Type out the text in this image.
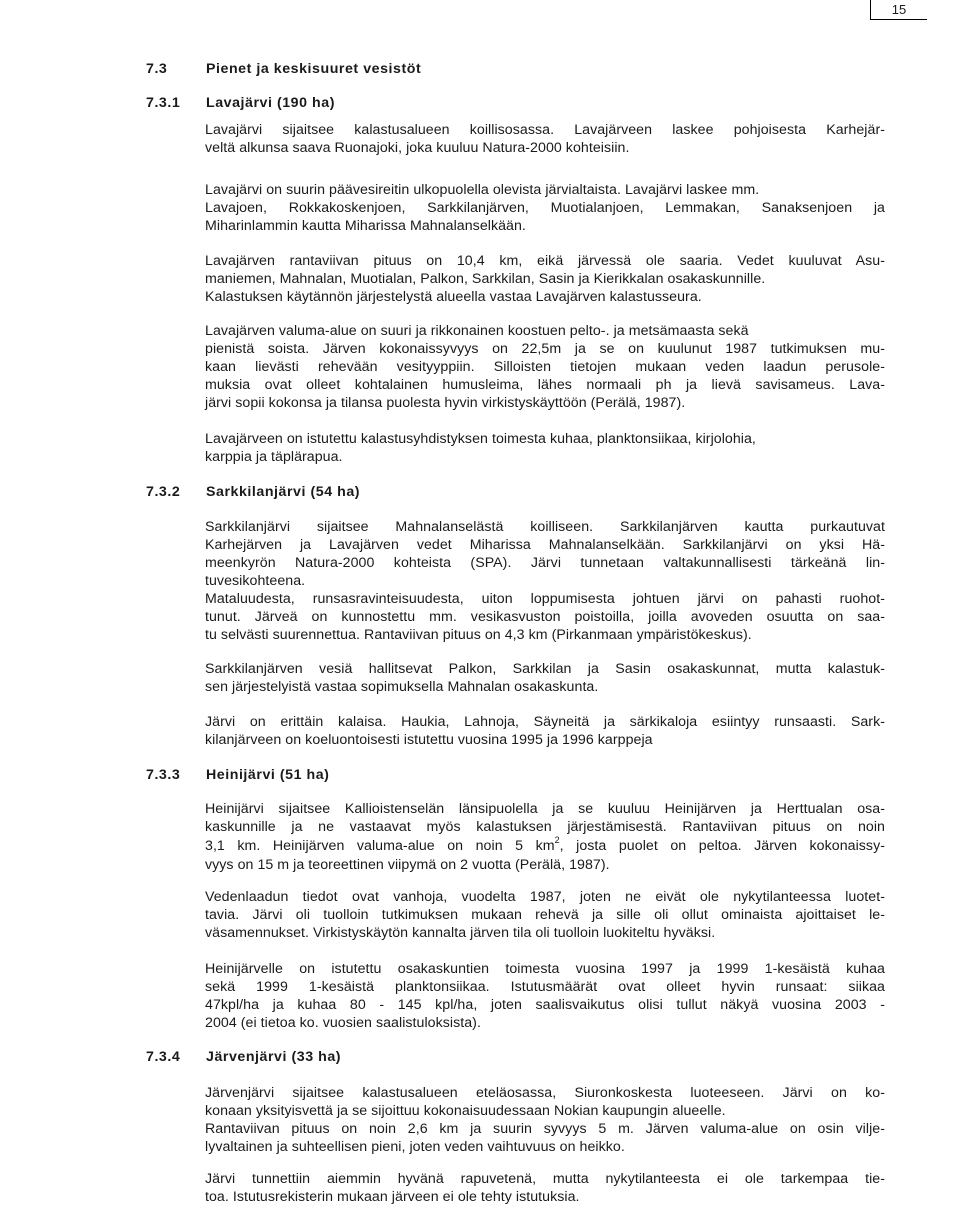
15
7.3	Pienet ja keskisuuret vesistöt
7.3.1 Lavajärvi (190 ha)
Lavajärvi sijaitsee kalastusalueen koillisosassa. Lavajärveen laskee pohjoisesta Karhejär-
veltä alkunsa saava Ruonajoki, joka kuuluu Natura-2000 kohteisiin.
Lavajärvi on suurin päävesireitin ulkopuolella olevista järvialtaista. Lavajärvi laskee mm.
Lavajoen, Rokkakoskenjoen, Sarkkilanjärven, Muotialanjoen, Lemmakan, Sanaksenjoen ja
Miharinlammin kautta Miharissa Mahnalanselkään.
Lavajärven rantaviivan pituus on 10,4 km, eikä järvessä ole saaria. Vedet kuuluvat Asu-
maniemen, Mahnalan, Muotialan, Palkon, Sarkkilan, Sasin ja Kierikkalan osakaskunnille.
Kalastuksen käytännön järjestelystä alueella vastaa Lavajärven kalastusseura.
Lavajärven valuma-alue on suuri ja rikkonainen koostuen pelto-. ja metsämaasta sekä
pienistä soista. Järven kokonaissyvyys on 22,5m ja se on kuulunut 1987 tutkimuksen mu-
kaan lievästi rehevään vesityyppiin. Silloisten tietojen mukaan veden laadun perusole-
muksia ovat olleet kohtalainen humusleima, lähes normaali ph ja lievä savisameus. Lava-
järvi sopii kokonsa ja tilansa puolesta hyvin virkistyskäyttöön (Perälä, 1987).
Lavajärveen on istutettu kalastusyhdistyksen toimesta kuhaa, planktonsiikaa, kirjolohia,
karppia ja täplärapua.
7.3.2 Sarkkilanjärvi (54 ha)
Sarkkilanjärvi sijaitsee Mahnalanselästä koilliseen. Sarkkilanjärven kautta purkautuvat
Karhejärven ja Lavajärven vedet Miharissa Mahnalanselkään. Sarkkilanjärvi on yksi Hä-
meenkyrön Natura-2000 kohteista (SPA). Järvi tunnetaan valtakunnallisesti tärkeänä lin-
tuvesikohteena.
Mataluudesta, runsasravinteisuudesta, uiton loppumisesta johtuen järvi on pahasti ruohot-
tunut. Järveä on kunnostettu mm. vesikasvuston poistoilla, joilla avoveden osuutta on saa-
tu selvästi suurennettua. Rantaviivan pituus on 4,3 km (Pirkanmaan ympäristökeskus).
Sarkkilanjärven vesiä hallitsevat Palkon, Sarkkilan ja Sasin osakaskunnat, mutta kalastuk-
sen järjestelyistä vastaa sopimuksella Mahnalan osakaskunta.
Järvi on erittäin kalaisa. Haukia, Lahnoja, Säyneitä ja särkikaloja esiintyy runsaasti. Sark-
kilanjärveen on koeluontoisesti istutettu vuosina 1995 ja 1996 karppeja
7.3.3 Heinijärvi (51 ha)
Heinijärvi sijaitsee Kallioistenselän länsipuolella ja se kuuluu Heinijärven ja Herttualan osa-
kaskunnille ja ne vastaavat myös kalastuksen järjestämisestä. Rantaviivan pituus on noin
3,1 km. Heinijärven valuma-alue on noin 5 $km^2$, josta puolet on peltoa. Järven kokonaissy-
vyys on 15 m ja teoreettinen viipymä on 2 vuotta (Perälä, 1987).
Vedenlaadun tiedot ovat vanhoja, vuodelta 1987, joten ne eivät ole nykytilanteessa luotet-
tavia. Järvi oli tuolloin tutkimuksen mukaan rehevä ja sille oli ollut ominaista ajoittaiset le-
väsamennukset. Virkistyskäytön kannalta järven tila oli tuolloin luokiteltu hyväksi.
Heinijärvelle on istutettu osakaskuntien toimesta vuosina 1997 ja 1999 1-kesäistä kuhaa
sekä 1999 1-kesäistä planktonsiikaa. Istutusmäärät ovat olleet hyvin runsaat: siikaa
47kpl/ha ja kuhaa 80 - 145 kpl/ha, joten saalisvaikutus olisi tullut näkyä vuosina 2003 -
2004 (ei tietoa ko. vuosien saalistuloksista).
7.3.4 Järvenjärvi (33 ha)
Järvenjärvi sijaitsee kalastusalueen eteläosassa, Siuronkoskesta luoteeseen. Järvi on ko-
konaan yksityisvettä ja se sijoittuu kokonaisuudessaan Nokian kaupungin alueelle.
Rantaviivan pituus on noin 2,6 km ja suurin syvyys 5 m. Järven valuma-alue on osin vilje-
lyvaltainen ja suhteellisen pieni, joten veden vaihtuvuus on heikko.
Järvi tunnettiin aiemmin hyvänä rapuvetenä, mutta nykytilanteesta ei ole tarkempaa tie-
toa. Istutusrekisterin mukaan järveen ei ole tehty istutuksia.
